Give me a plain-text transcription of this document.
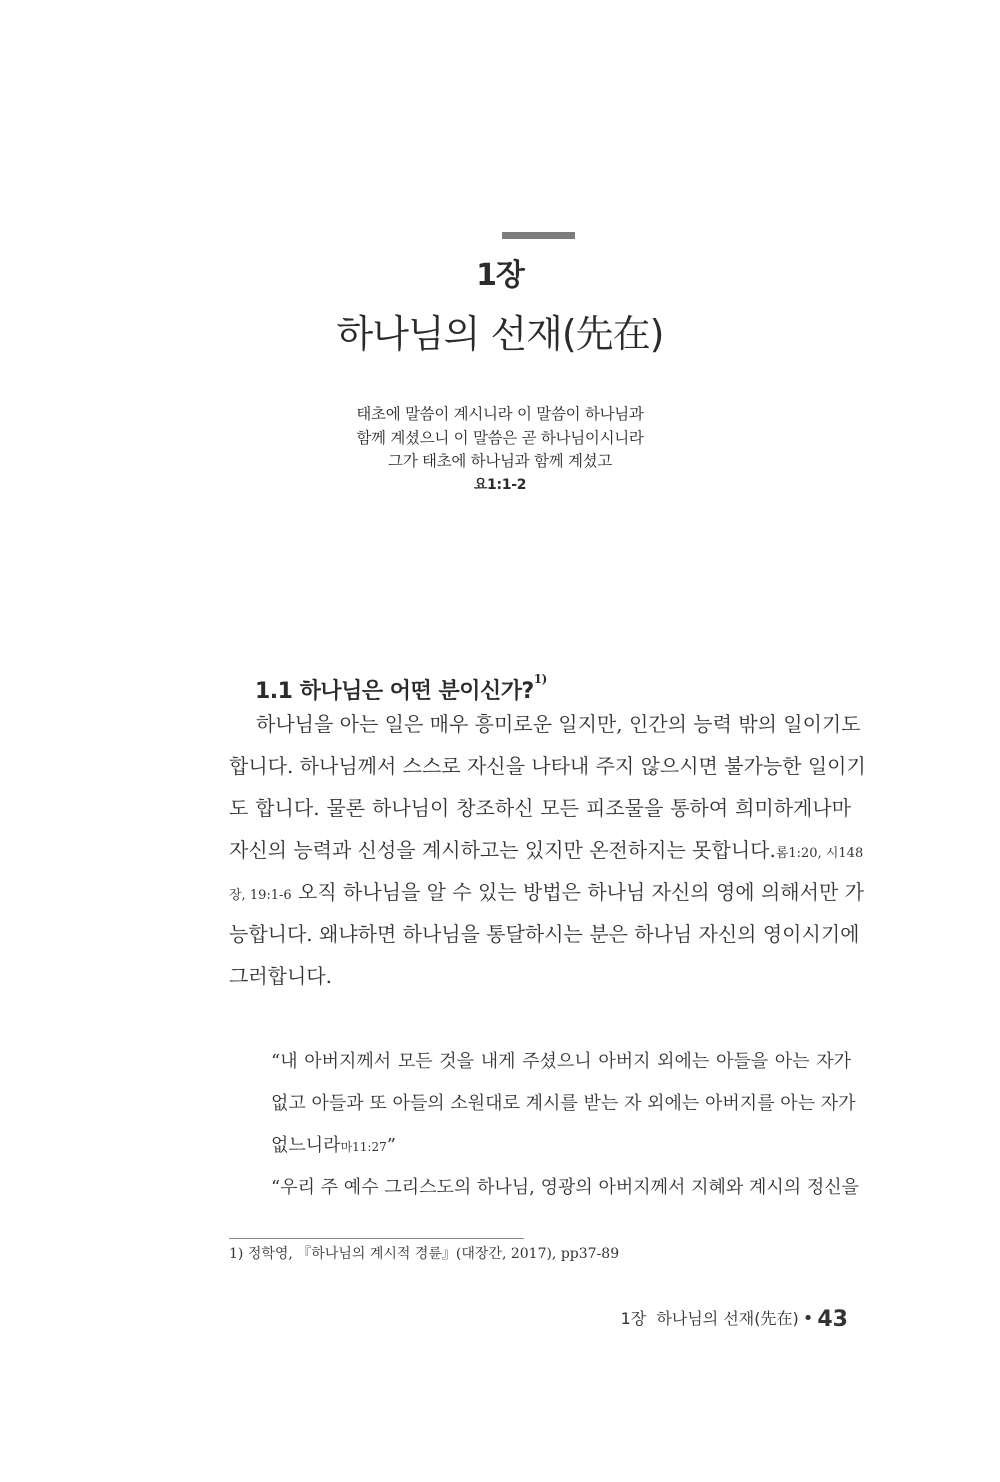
1장
하나님의 선재(先在)
태초에 말씀이 계시니라 이 말씀이 하나님과
함께 계셨으니 이 말씀은 곧 하나님이시니라
그가 태초에 하나님과 함께 계셨고
요1:1-2
1.1 하나님은 어떤 분이신가?$^{1)}$
하나님을 아는 일은 매우 흥미로운 일지만, 인간의 능력 밖의 일이기도
합니다. 하나님께서 스스로 자신을 나타내 주지 않으시면 불가능한 일이기
도 합니다. 물론 하나님이 창조하신 모든 피조물을 통하여 희미하게나마
자신의 능력과 신성을 계시하고는 있지만 온전하지는 못합니다.롬1:20, 시148
장, 19:1-6 오직 하나님을 알 수 있는 방법은 하나님 자신의 영에 의해서만 가
능합니다. 왜냐하면 하나님을 통달하시는 분은 하나님 자신의 영이시기에
그러합니다.
“내 아버지께서 모든 것을 내게 주셨으니 아버지 외에는 아들을 아는 자가
없고 아들과 또 아들의 소원대로 계시를 받는 자 외에는 아버지를 아는 자가
없느니라마11:27”
“우리 주 예수 그리스도의 하나님, 영광의 아버지께서 지혜와 계시의 정신을
1) 정학영, 『하나님의 계시적 경륜』(대장간, 2017), pp37-89
1장  하나님의 선재(先在) • 43
